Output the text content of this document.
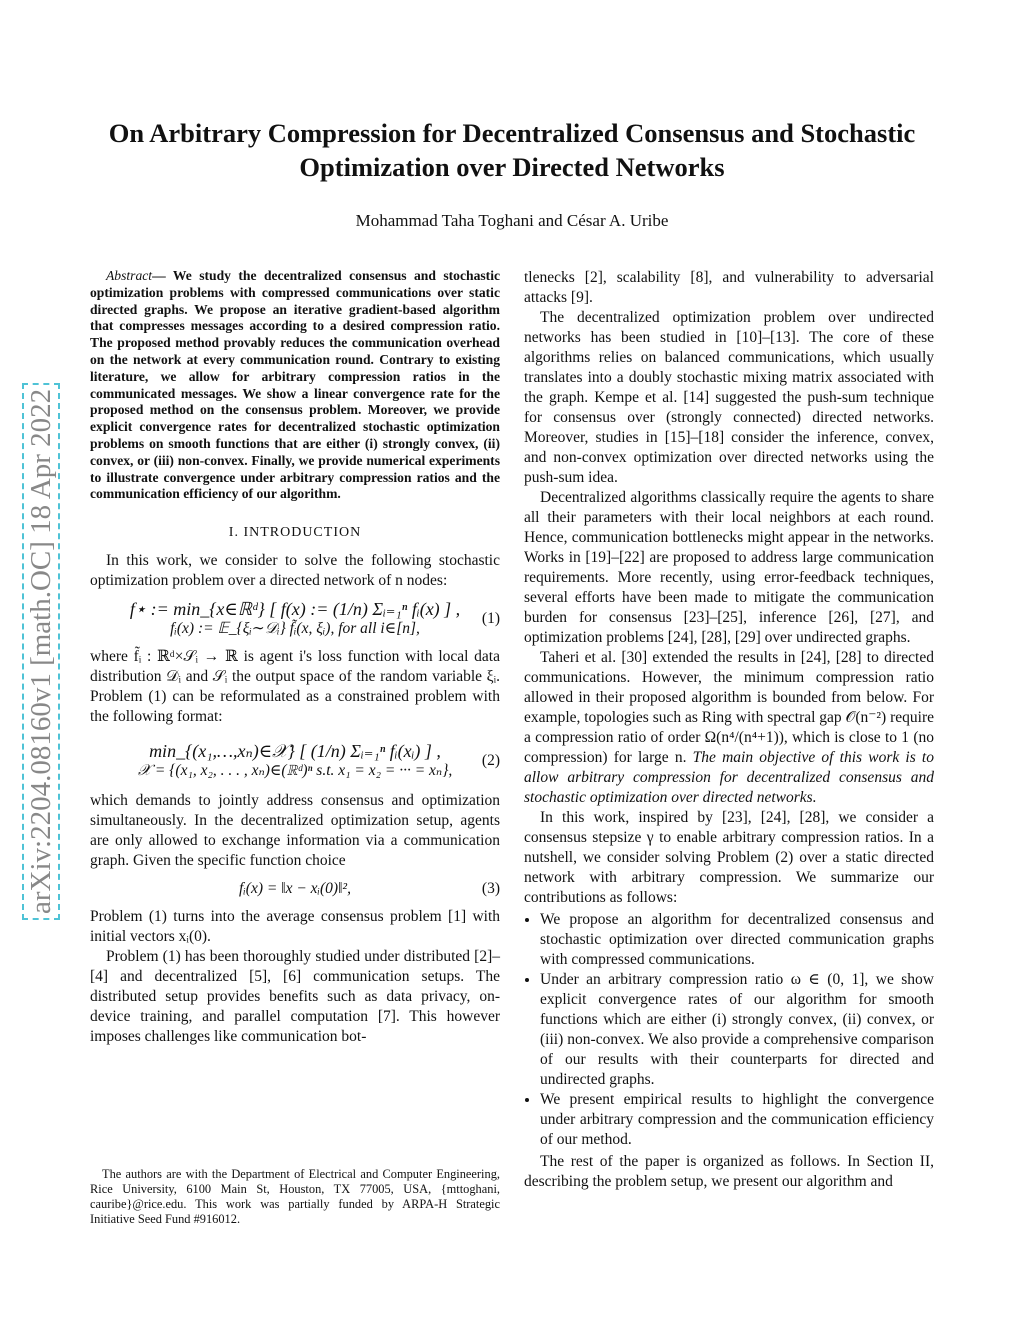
arXiv:2204.08160v1 [math.OC] 18 Apr 2022
On Arbitrary Compression for Decentralized Consensus and Stochastic Optimization over Directed Networks
Mohammad Taha Toghani and César A. Uribe

Abstract— We study the decentralized consensus and stochastic optimization problems with compressed communications over static directed graphs. We propose an iterative gradient-based algorithm that compresses messages according to a desired compression ratio. The proposed method provably reduces the communication overhead on the network at every communication round. Contrary to existing literature, we allow for arbitrary compression ratios in the communicated messages. We show a linear convergence rate for the proposed method on the consensus problem. Moreover, we provide explicit convergence rates for decentralized stochastic optimization problems on smooth functions that are either (i) strongly convex, (ii) convex, or (iii) non-convex. Finally, we provide numerical experiments to illustrate convergence under arbitrary compression ratios and the communication efficiency of our algorithm.

I. INTRODUCTION

In this work, we consider to solve the following stochastic optimization problem over a directed network of n nodes:

f⋆ := min_{x∈ℝᵈ} [ f(x) := (1/n) Σᵢ₌₁ⁿ fᵢ(x) ] ,
fᵢ(x) := 𝔼_{ξᵢ∼𝒟ᵢ} f̃ᵢ(x, ξᵢ), for all i∈[n],
(1)

where f̃ᵢ : ℝᵈ×𝒮ᵢ → ℝ is agent i's loss function with local data distribution 𝒟ᵢ and 𝒮ᵢ the output space of the random variable ξᵢ. Problem (1) can be reformulated as a constrained problem with the following format:

min_{(x₁,…,xₙ)∈𝒳} [ (1/n) Σᵢ₌₁ⁿ fᵢ(xᵢ) ] ,
𝒳 = {(x₁, x₂, . . . , xₙ)∈(ℝᵈ)ⁿ s.t. x₁ = x₂ = ··· = xₙ},
(2)

which demands to jointly address consensus and optimization simultaneously. In the decentralized optimization setup, agents are only allowed to exchange information via a communication graph. Given the specific function choice

fᵢ(x) = ‖x − xᵢ(0)‖²,	(3)

Problem (1) turns into the average consensus problem [1] with initial vectors xᵢ(0).

Problem (1) has been thoroughly studied under distributed [2]–[4] and decentralized [5], [6] communication setups. The distributed setup provides benefits such as data privacy, on-device training, and parallel computation [7]. This however imposes challenges like communication bot-

The authors are with the Department of Electrical and Computer Engineering, Rice University, 6100 Main St, Houston, TX 77005, USA, {mttoghani, cauribe}@rice.edu. This work was partially funded by ARPA-H Strategic Initiative Seed Fund #916012.

tlenecks [2], scalability [8], and vulnerability to adversarial attacks [9].

The decentralized optimization problem over undirected networks has been studied in [10]–[13]. The core of these algorithms relies on balanced communications, which usually translates into a doubly stochastic mixing matrix associated with the graph. Kempe et al. [14] suggested the push-sum technique for consensus over (strongly connected) directed networks. Moreover, studies in [15]–[18] consider the inference, convex, and non-convex optimization over directed networks using the push-sum idea.

Decentralized algorithms classically require the agents to share all their parameters with their local neighbors at each round. Hence, communication bottlenecks might appear in the networks. Works in [19]–[22] are proposed to address large communication requirements. More recently, using error-feedback techniques, several efforts have been made to mitigate the communication burden for consensus [23]–[25], inference [26], [27], and optimization problems [24], [28], [29] over undirected graphs.

Taheri et al. [30] extended the results in [24], [28] to directed communications. However, the minimum compression ratio allowed in their proposed algorithm is bounded from below. For example, topologies such as Ring with spectral gap 𝒪(n⁻²) require a compression ratio of order Ω(n⁴/(n⁴+1)), which is close to 1 (no compression) for large n. The main objective of this work is to allow arbitrary compression for decentralized consensus and stochastic optimization over directed networks.

In this work, inspired by [23], [24], [28], we consider a consensus stepsize γ to enable arbitrary compression ratios. In a nutshell, we consider solving Problem (2) over a static directed network with arbitrary compression. We summarize our contributions as follows:

• We propose an algorithm for decentralized consensus and stochastic optimization over directed communication graphs with compressed communications.
• Under an arbitrary compression ratio ω ∈ (0, 1], we show explicit convergence rates of our algorithm for smooth functions which are either (i) strongly convex, (ii) convex, or (iii) non-convex. We also provide a comprehensive comparison of our results with their counterparts for directed and undirected graphs.
• We present empirical results to highlight the convergence under arbitrary compression and the communication efficiency of our method.

The rest of the paper is organized as follows. In Section II, describing the problem setup, we present our algorithm and
